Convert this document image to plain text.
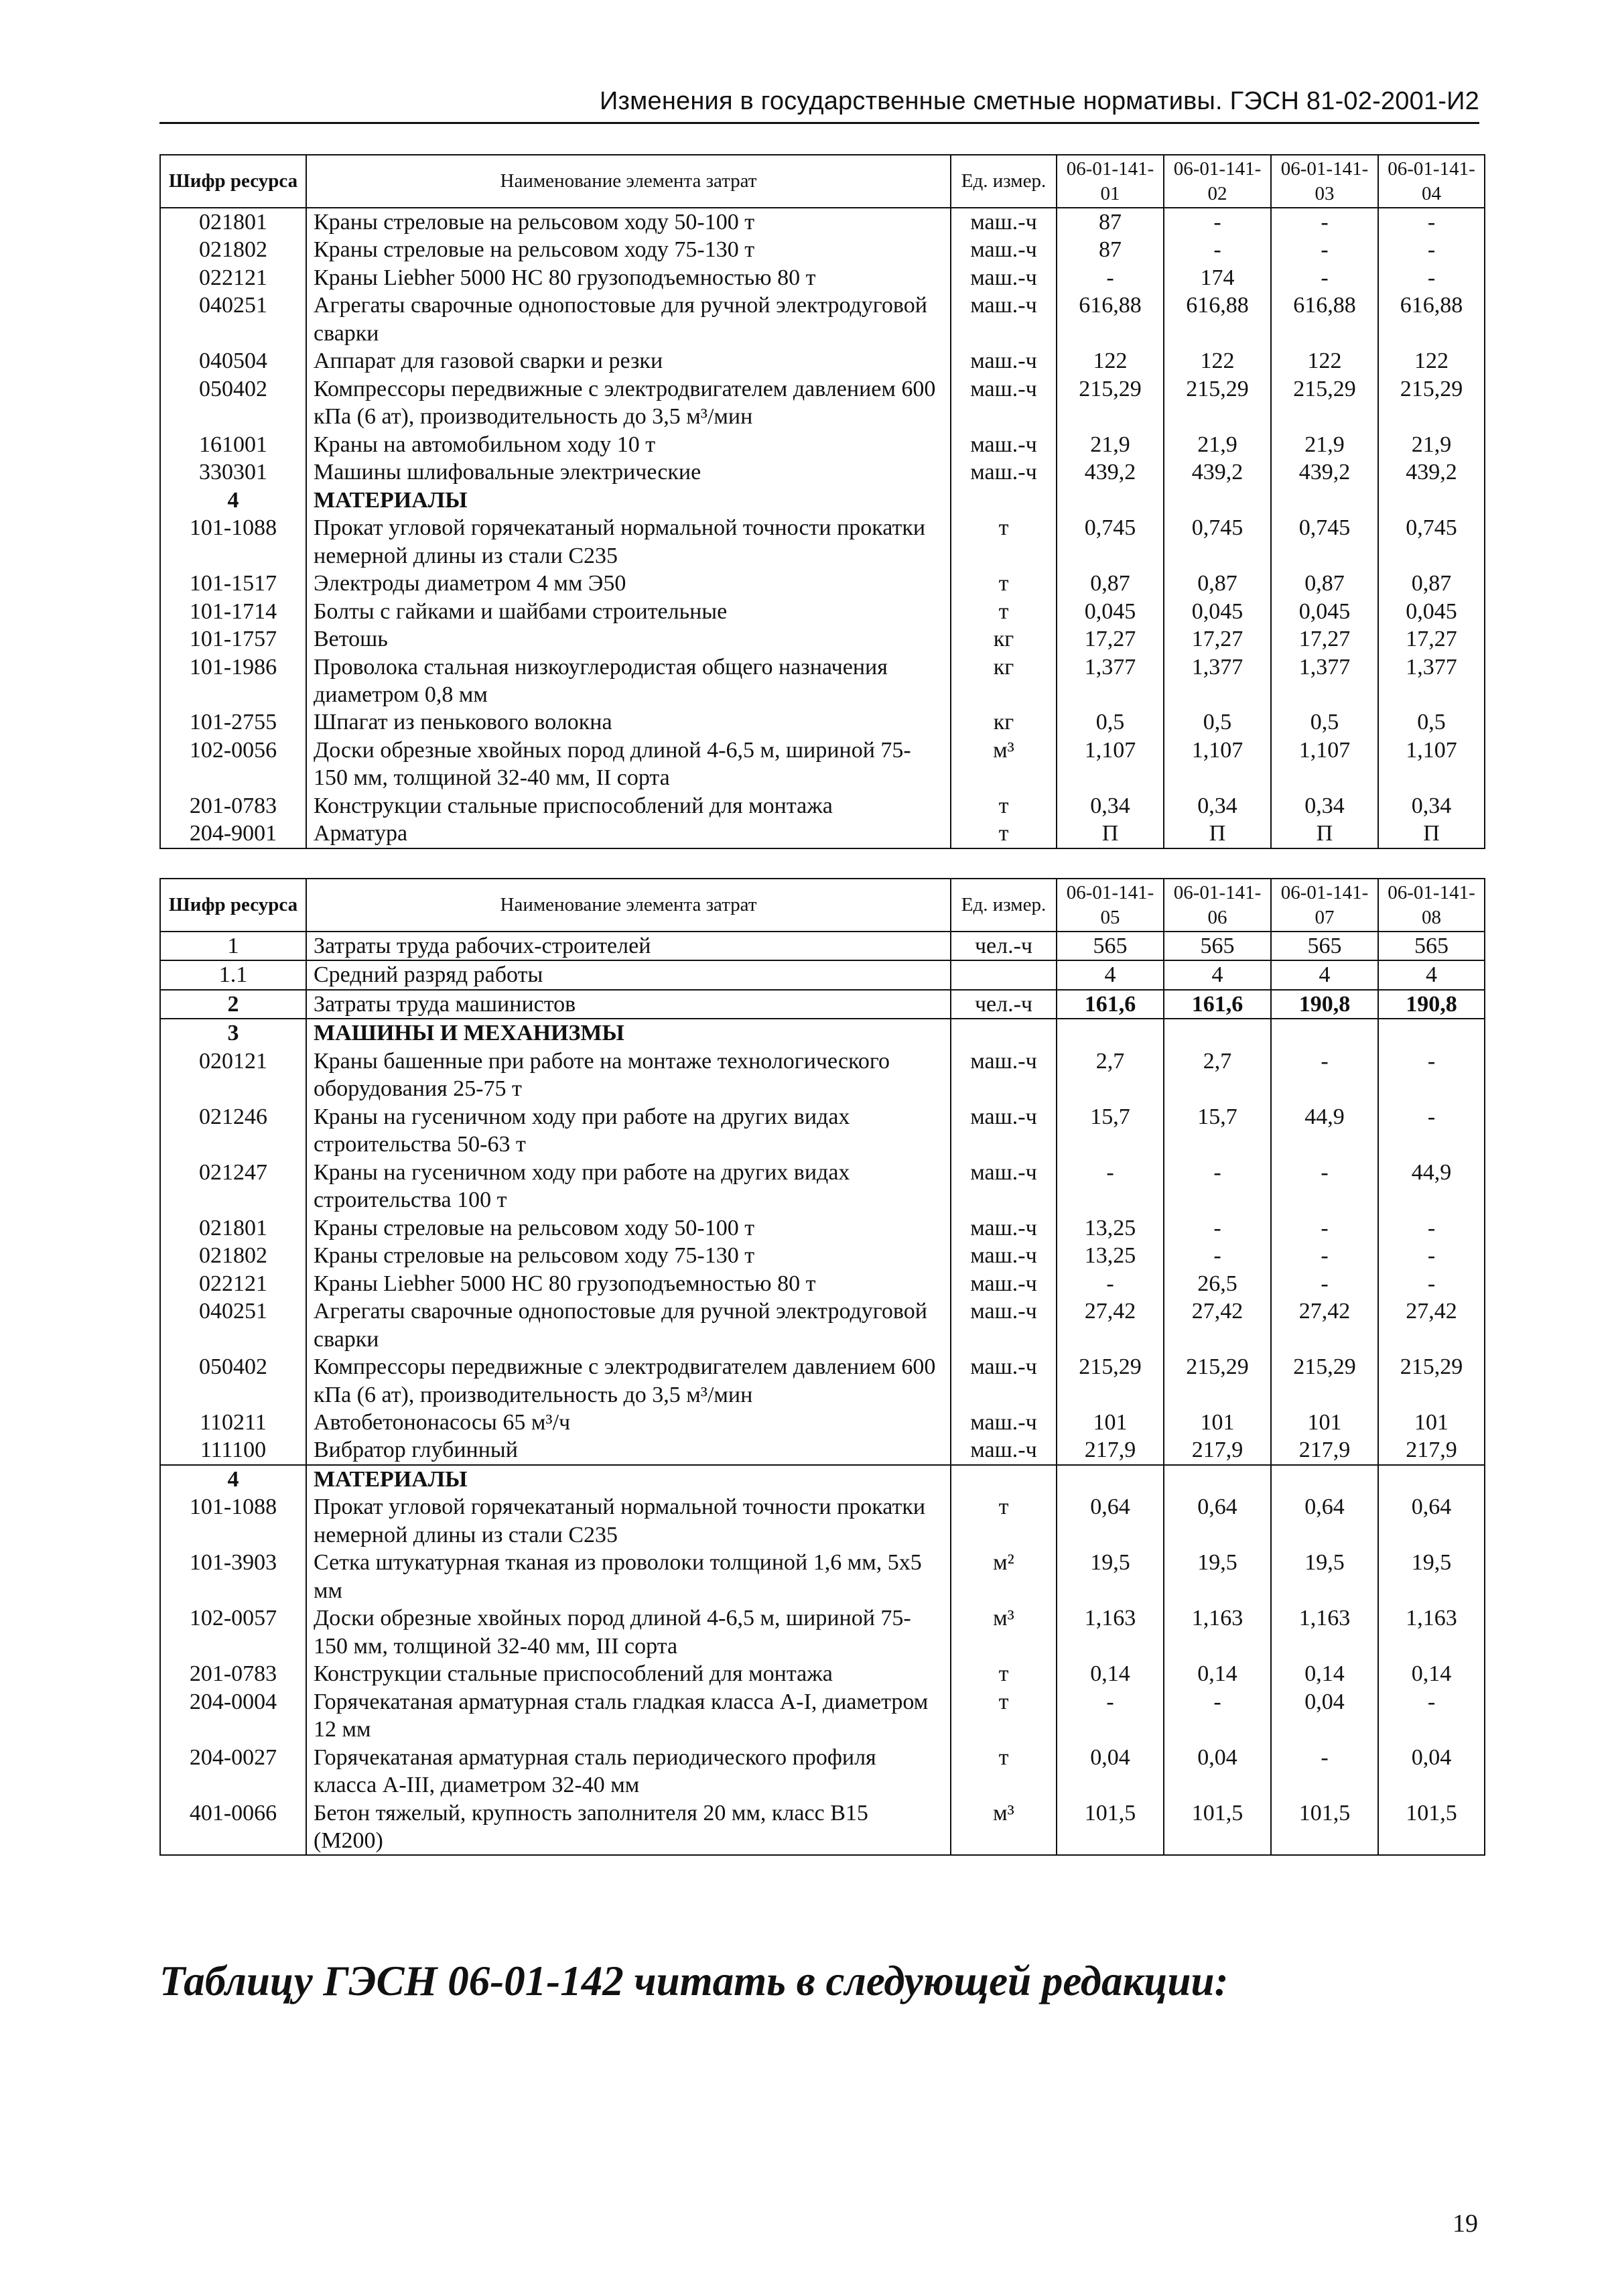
Изменения в государственные сметные нормативы. ГЭСН 81-02-2001-И2
Шифр ресурса	Наименование элемента затрат	Ед. измер.	06-01-141-01	06-01-141-02	06-01-141-03	06-01-141-04
021801	Краны стреловые на рельсовом ходу 50-100 т	маш.-ч	87	-	-	-
021802	Краны стреловые на рельсовом ходу 75-130 т	маш.-ч	87	-	-	-
022121	Краны Liebher 5000 НС 80 грузоподъемностью 80 т	маш.-ч	-	174	-	-
040251	Агрегаты сварочные однопостовые для ручной электродуговой сварки	маш.-ч	616,88	616,88	616,88	616,88
040504	Аппарат для газовой сварки и резки	маш.-ч	122	122	122	122
050402	Компрессоры передвижные с электродвигателем давлением 600 кПа (6 ат), производительность до 3,5 м³/мин	маш.-ч	215,29	215,29	215,29	215,29
161001	Краны на автомобильном ходу 10 т	маш.-ч	21,9	21,9	21,9	21,9
330301	Машины шлифовальные электрические	маш.-ч	439,2	439,2	439,2	439,2
4	МАТЕРИАЛЫ					
101-1088	Прокат угловой горячекатаный нормальной точности прокатки немерной длины из стали С235	т	0,745	0,745	0,745	0,745
101-1517	Электроды диаметром 4 мм Э50	т	0,87	0,87	0,87	0,87
101-1714	Болты с гайками и шайбами строительные	т	0,045	0,045	0,045	0,045
101-1757	Ветошь	кг	17,27	17,27	17,27	17,27
101-1986	Проволока стальная низкоуглеродистая общего назначения диаметром 0,8 мм	кг	1,377	1,377	1,377	1,377
101-2755	Шпагат из пенькового волокна	кг	0,5	0,5	0,5	0,5
102-0056	Доски обрезные хвойных пород длиной 4-6,5 м, шириной 75-150 мм, толщиной 32-40 мм, II сорта	м³	1,107	1,107	1,107	1,107
201-0783	Конструкции стальные приспособлений для монтажа	т	0,34	0,34	0,34	0,34
204-9001	Арматура	т	П	П	П	П
Шифр ресурса	Наименование элемента затрат	Ед. измер.	06-01-141-05	06-01-141-06	06-01-141-07	06-01-141-08
1	Затраты труда рабочих-строителей	чел.-ч	565	565	565	565
1.1	Средний разряд работы		4	4	4	4
2	Затраты труда машинистов	чел.-ч	161,6	161,6	190,8	190,8
3	МАШИНЫ И МЕХАНИЗМЫ					
020121	Краны башенные при работе на монтаже технологического оборудования 25-75 т	маш.-ч	2,7	2,7	-	-
021246	Краны на гусеничном ходу при работе на других видах строительства 50-63 т	маш.-ч	15,7	15,7	44,9	-
021247	Краны на гусеничном ходу при работе на других видах строительства 100 т	маш.-ч	-	-	-	44,9
021801	Краны стреловые на рельсовом ходу 50-100 т	маш.-ч	13,25	-	-	-
021802	Краны стреловые на рельсовом ходу 75-130 т	маш.-ч	13,25	-	-	-
022121	Краны Liebher 5000 НС 80 грузоподъемностью 80 т	маш.-ч	-	26,5	-	-
040251	Агрегаты сварочные однопостовые для ручной электродуговой сварки	маш.-ч	27,42	27,42	27,42	27,42
050402	Компрессоры передвижные с электродвигателем давлением 600 кПа (6 ат), производительность до 3,5 м³/мин	маш.-ч	215,29	215,29	215,29	215,29
110211	Автобетононасосы 65 м³/ч	маш.-ч	101	101	101	101
111100	Вибратор глубинный	маш.-ч	217,9	217,9	217,9	217,9
4	МАТЕРИАЛЫ					
101-1088	Прокат угловой горячекатаный нормальной точности прокатки немерной длины из стали С235	т	0,64	0,64	0,64	0,64
101-3903	Сетка штукатурная тканая из проволоки толщиной 1,6 мм, 5х5 мм	м²	19,5	19,5	19,5	19,5
102-0057	Доски обрезные хвойных пород длиной 4-6,5 м, шириной 75-150 мм, толщиной 32-40 мм, III сорта	м³	1,163	1,163	1,163	1,163
201-0783	Конструкции стальные приспособлений для монтажа	т	0,14	0,14	0,14	0,14
204-0004	Горячекатаная арматурная сталь гладкая класса А-I, диаметром 12 мм	т	-	-	0,04	-
204-0027	Горячекатаная арматурная сталь периодического профиля класса А-III, диаметром 32-40 мм	т	0,04	0,04	-	0,04
401-0066	Бетон тяжелый, крупность заполнителя 20 мм, класс В15 (М200)	м³	101,5	101,5	101,5	101,5
Таблицу ГЭСН 06-01-142 читать в следующей редакции:
19
